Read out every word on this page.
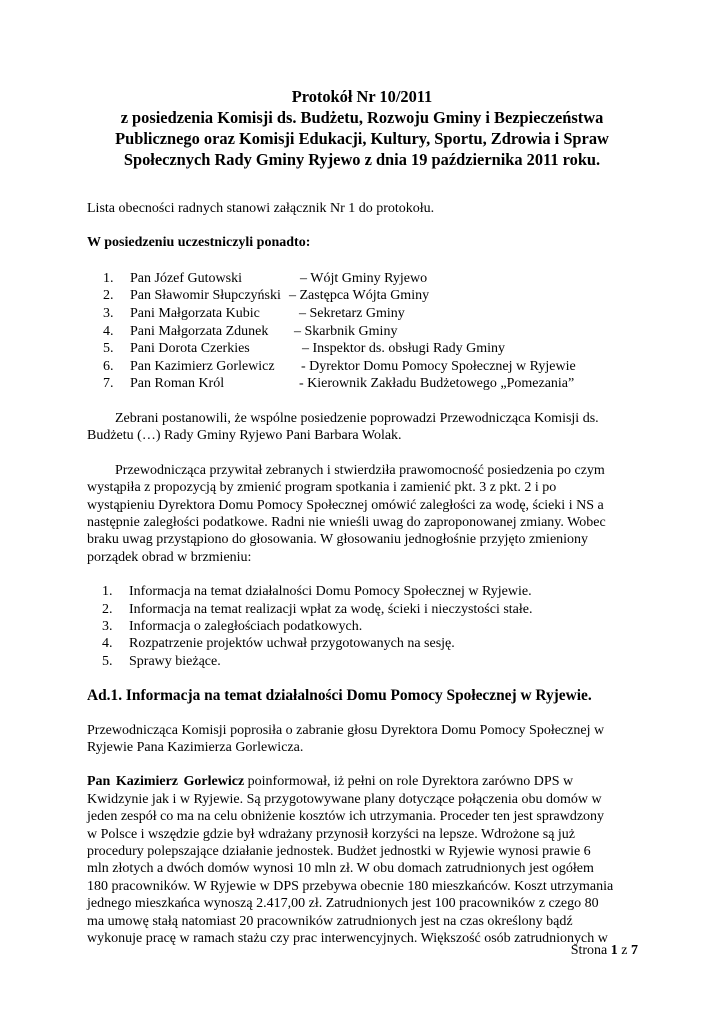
Protokół Nr 10/2011
z posiedzenia Komisji ds. Budżetu, Rozwoju Gminy i Bezpieczeństwa
Publicznego oraz Komisji Edukacji, Kultury, Sportu, Zdrowia i Spraw
Społecznych Rady Gminy Ryjewo z dnia 19 października 2011 roku.

Lista obecności radnych stanowi załącznik Nr 1 do protokołu.

W posiedzeniu uczestniczyli ponadto:

1. Pan Józef Gutowski	– Wójt Gminy Ryjewo
2. Pan Sławomir Słupczyński – Zastępca Wójta Gminy
3. Pani Małgorzata Kubic	– Sekretarz Gminy
4. Pani Małgorzata Zdunek – Skarbnik Gminy
5. Pani Dorota Czerkies	– Inspektor ds. obsługi Rady Gminy
6. Pan Kazimierz Gorlewicz - Dyrektor Domu Pomocy Społecznej w Ryjewie
7. Pan Roman Król	- Kierownik Zakładu Budżetowego „Pomezania”
Zebrani postanowili, że wspólne posiedzenie poprowadzi Przewodnicząca Komisji ds.
Budżetu (…) Rady Gminy Ryjewo Pani Barbara Wolak.
Przewodnicząca przywitał zebranych i stwierdziła prawomocność posiedzenia po czym
wystąpiła z propozycją by zmienić program spotkania i zamienić pkt. 3 z pkt. 2 i po
wystąpieniu Dyrektora Domu Pomocy Społecznej omówić zaległości za wodę, ścieki i NS a
następnie zaległości podatkowe. Radni nie wnieśli uwag do zaproponowanej zmiany. Wobec
braku uwag przystąpiono do głosowania. W głosowaniu jednogłośnie przyjęto zmieniony
porządek obrad w brzmieniu:
1. Informacja na temat działalności Domu Pomocy Społecznej w Ryjewie.
2. Informacja na temat realizacji wpłat za wodę, ścieki i nieczystości stałe.
3. Informacja o zaległościach podatkowych.
4. Rozpatrzenie projektów uchwał przygotowanych na sesję.
5. Sprawy bieżące.
Ad.1. Informacja na temat działalności Domu Pomocy Społecznej w Ryjewie.
Przewodnicząca Komisji poprosiła o zabranie głosu Dyrektora Domu Pomocy Społecznej w
Ryjewie Pana Kazimierza Gorlewicza.
Pan Kazimierz Gorlewicz poinformował, iż pełni on role Dyrektora zarówno DPS w
Kwidzynie jak i w Ryjewie. Są przygotowywane plany dotyczące połączenia obu domów w
jeden zespół co ma na celu obniżenie kosztów ich utrzymania. Proceder ten jest sprawdzony
w Polsce i wszędzie gdzie był wdrażany przynosił korzyści na lepsze. Wdrożone są już
procedury polepszające działanie jednostek. Budżet jednostki w Ryjewie wynosi prawie 6
mln złotych a dwóch domów wynosi 10 mln zł. W obu domach zatrudnionych jest ogółem
180 pracowników. W Ryjewie w DPS przebywa obecnie 180 mieszkańców. Koszt utrzymania
jednego mieszkańca wynoszą 2.417,00 zł. Zatrudnionych jest 100 pracowników z czego 80
ma umowę stałą natomiast 20 pracowników zatrudnionych jest na czas określony bądź
wykonuje pracę w ramach stażu czy prac interwencyjnych. Większość osób zatrudnionych w
Strona 1 z 7
